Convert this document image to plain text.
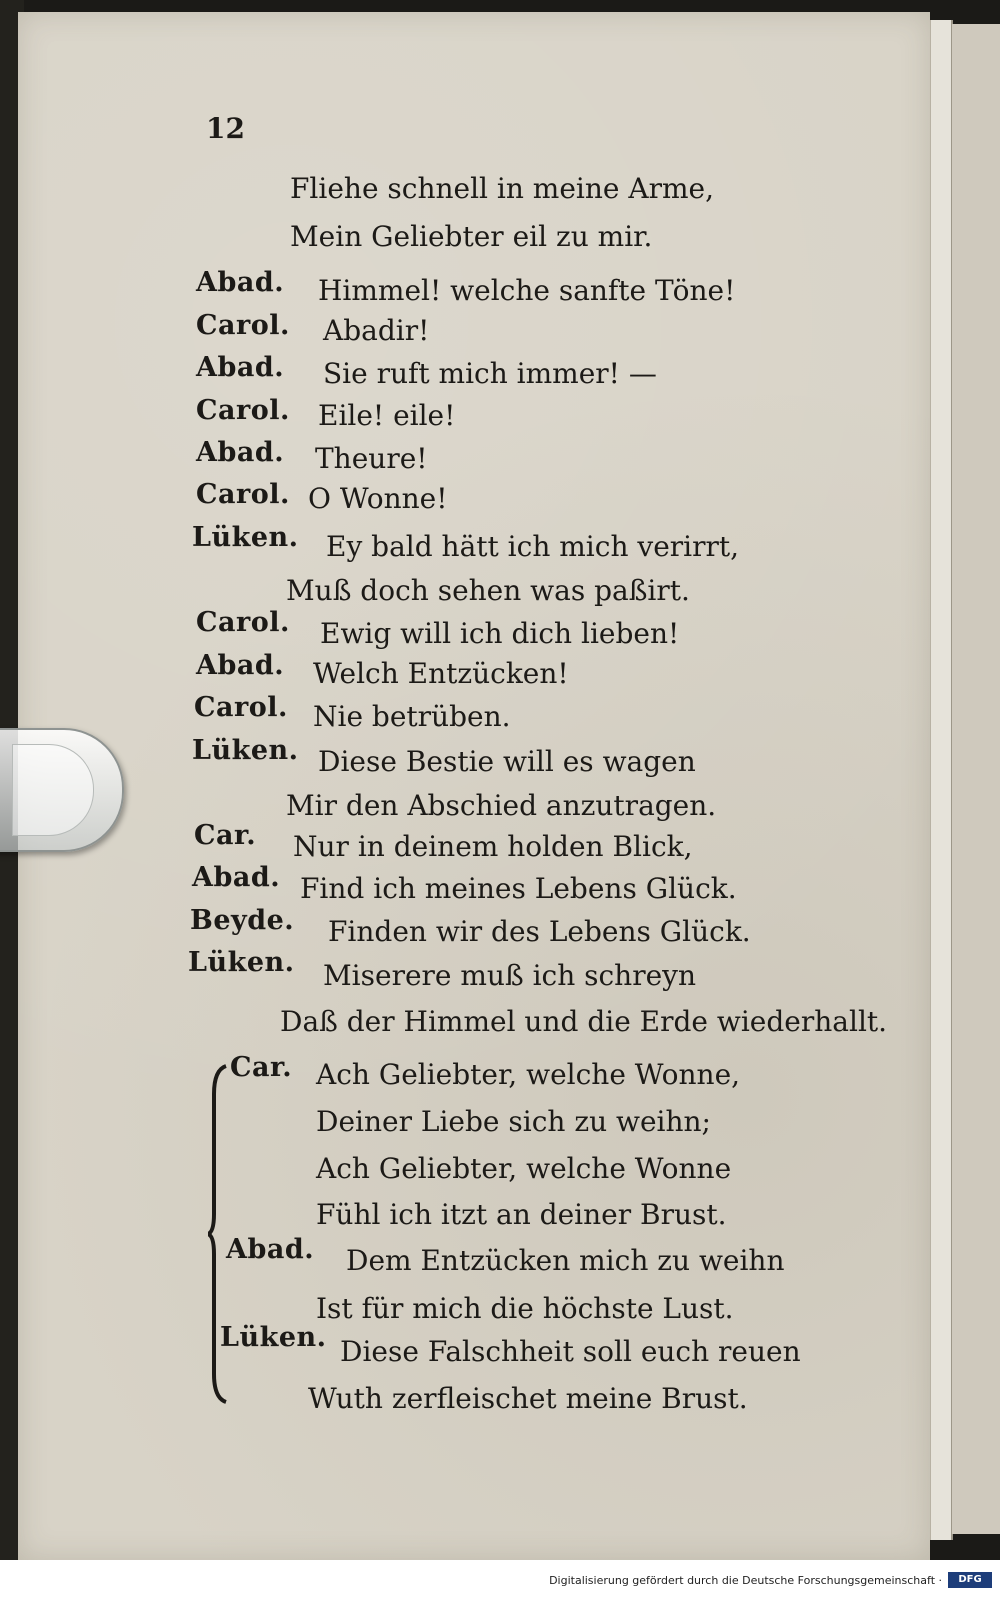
12
Fliehe schnell in meine Arme,
Mein Geliebter eil zu mir.
Abad. Himmel! welche sanfte Töne!
Carol. Abadir!
Abad. Sie ruft mich immer! —
Carol. Eile! eile!
Abad. Theure!
Carol. O Wonne!
Lüken. Ey bald hätt ich mich verirrt,
Muß doch sehen was paßirt.
Carol. Ewig will ich dich lieben!
Abad. Welch Entzücken!
Carol. Nie betrüben.
Lüken. Diese Bestie will es wagen
Mir den Abschied anzutragen.
Car. Nur in deinem holden Blick,
Abad. Find ich meines Lebens Glück.
Beyde. Finden wir des Lebens Glück.
Lüken. Miserere muß ich schreyn
Daß der Himmel und die Erde wiederhallt.
Car. Ach Geliebter, welche Wonne,
Deiner Liebe sich zu weihn;
Ach Geliebter, welche Wonne
Fühl ich itzt an deiner Brust.
Abad. Dem Entzücken mich zu weihn
Ist für mich die höchste Lust.
Lüken. Diese Falschheit soll euch reuen
Wuth zerfleischet meine Brust.
Digitalisierung gefördert durch die Deutsche Forschungsgemeinschaft ·	DFG
